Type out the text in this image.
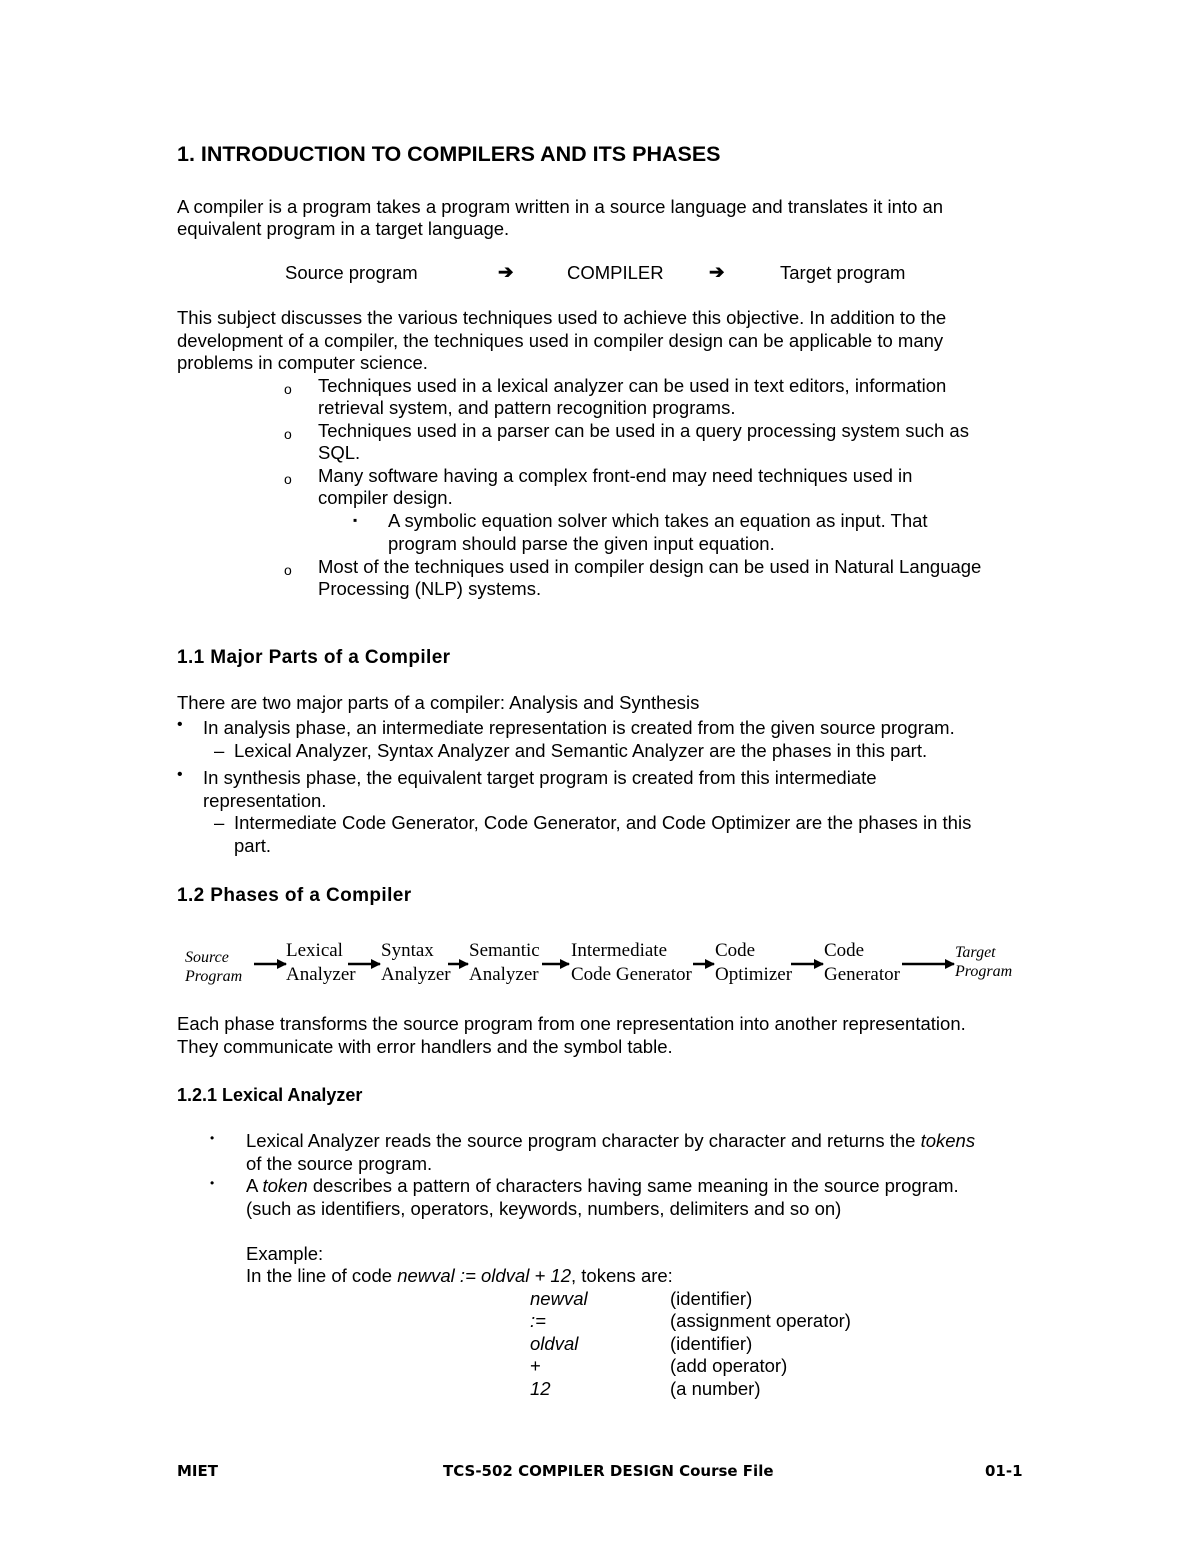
1. INTRODUCTION TO COMPILERS AND ITS PHASES
A compiler is a program takes a program written in a source language and translates it into an
equivalent program in a target language.
Source program	➔	COMPILER ➔	Target program
This subject discusses the various techniques used to achieve this objective. In addition to the
development of a compiler, the techniques used in compiler design can be applicable to many
problems in computer science.
o Techniques used in a lexical analyzer can be used in text editors, information
retrieval system, and pattern recognition programs.
o Techniques used in a parser can be used in a query processing system such as
SQL.
o Many software having a complex front-end may need techniques used in
compiler design.
▪ A symbolic equation solver which takes an equation as input. That
program should parse the given input equation.
o Most of the techniques used in compiler design can be used in Natural Language
Processing (NLP) systems.
1.1 Major Parts of a Compiler
There are two major parts of a compiler: Analysis and Synthesis
• In analysis phase, an intermediate representation is created from the given source program.
– Lexical Analyzer, Syntax Analyzer and Semantic Analyzer are the phases in this part.
• In synthesis phase, the equivalent target program is created from this intermediate
representation.
– Intermediate Code Generator, Code Generator, and Code Optimizer are the phases in this
part.
1.2 Phases of a Compiler
Source
Program
Lexical
Analyzer
Syntax
Analyzer
Semantic
Analyzer
Intermediate
Code Generator
Code
Optimizer
Code
Generator
Target
Program
Each phase transforms the source program from one representation into another representation.
They communicate with error handlers and the symbol table.
1.2.1 Lexical Analyzer
• Lexical Analyzer reads the source program character by character and returns the tokens
of the source program.
• A token describes a pattern of characters having same meaning in the source program.
(such as identifiers, operators, keywords, numbers, delimiters and so on)
Example:
In the line of code newval := oldval + 12, tokens are:
newval	(identifier)
:=	(assignment operator)
oldval	(identifier)
+	(add operator)
12	(a number)
MIET	TCS-502 COMPILER DESIGN Course File	01-1
